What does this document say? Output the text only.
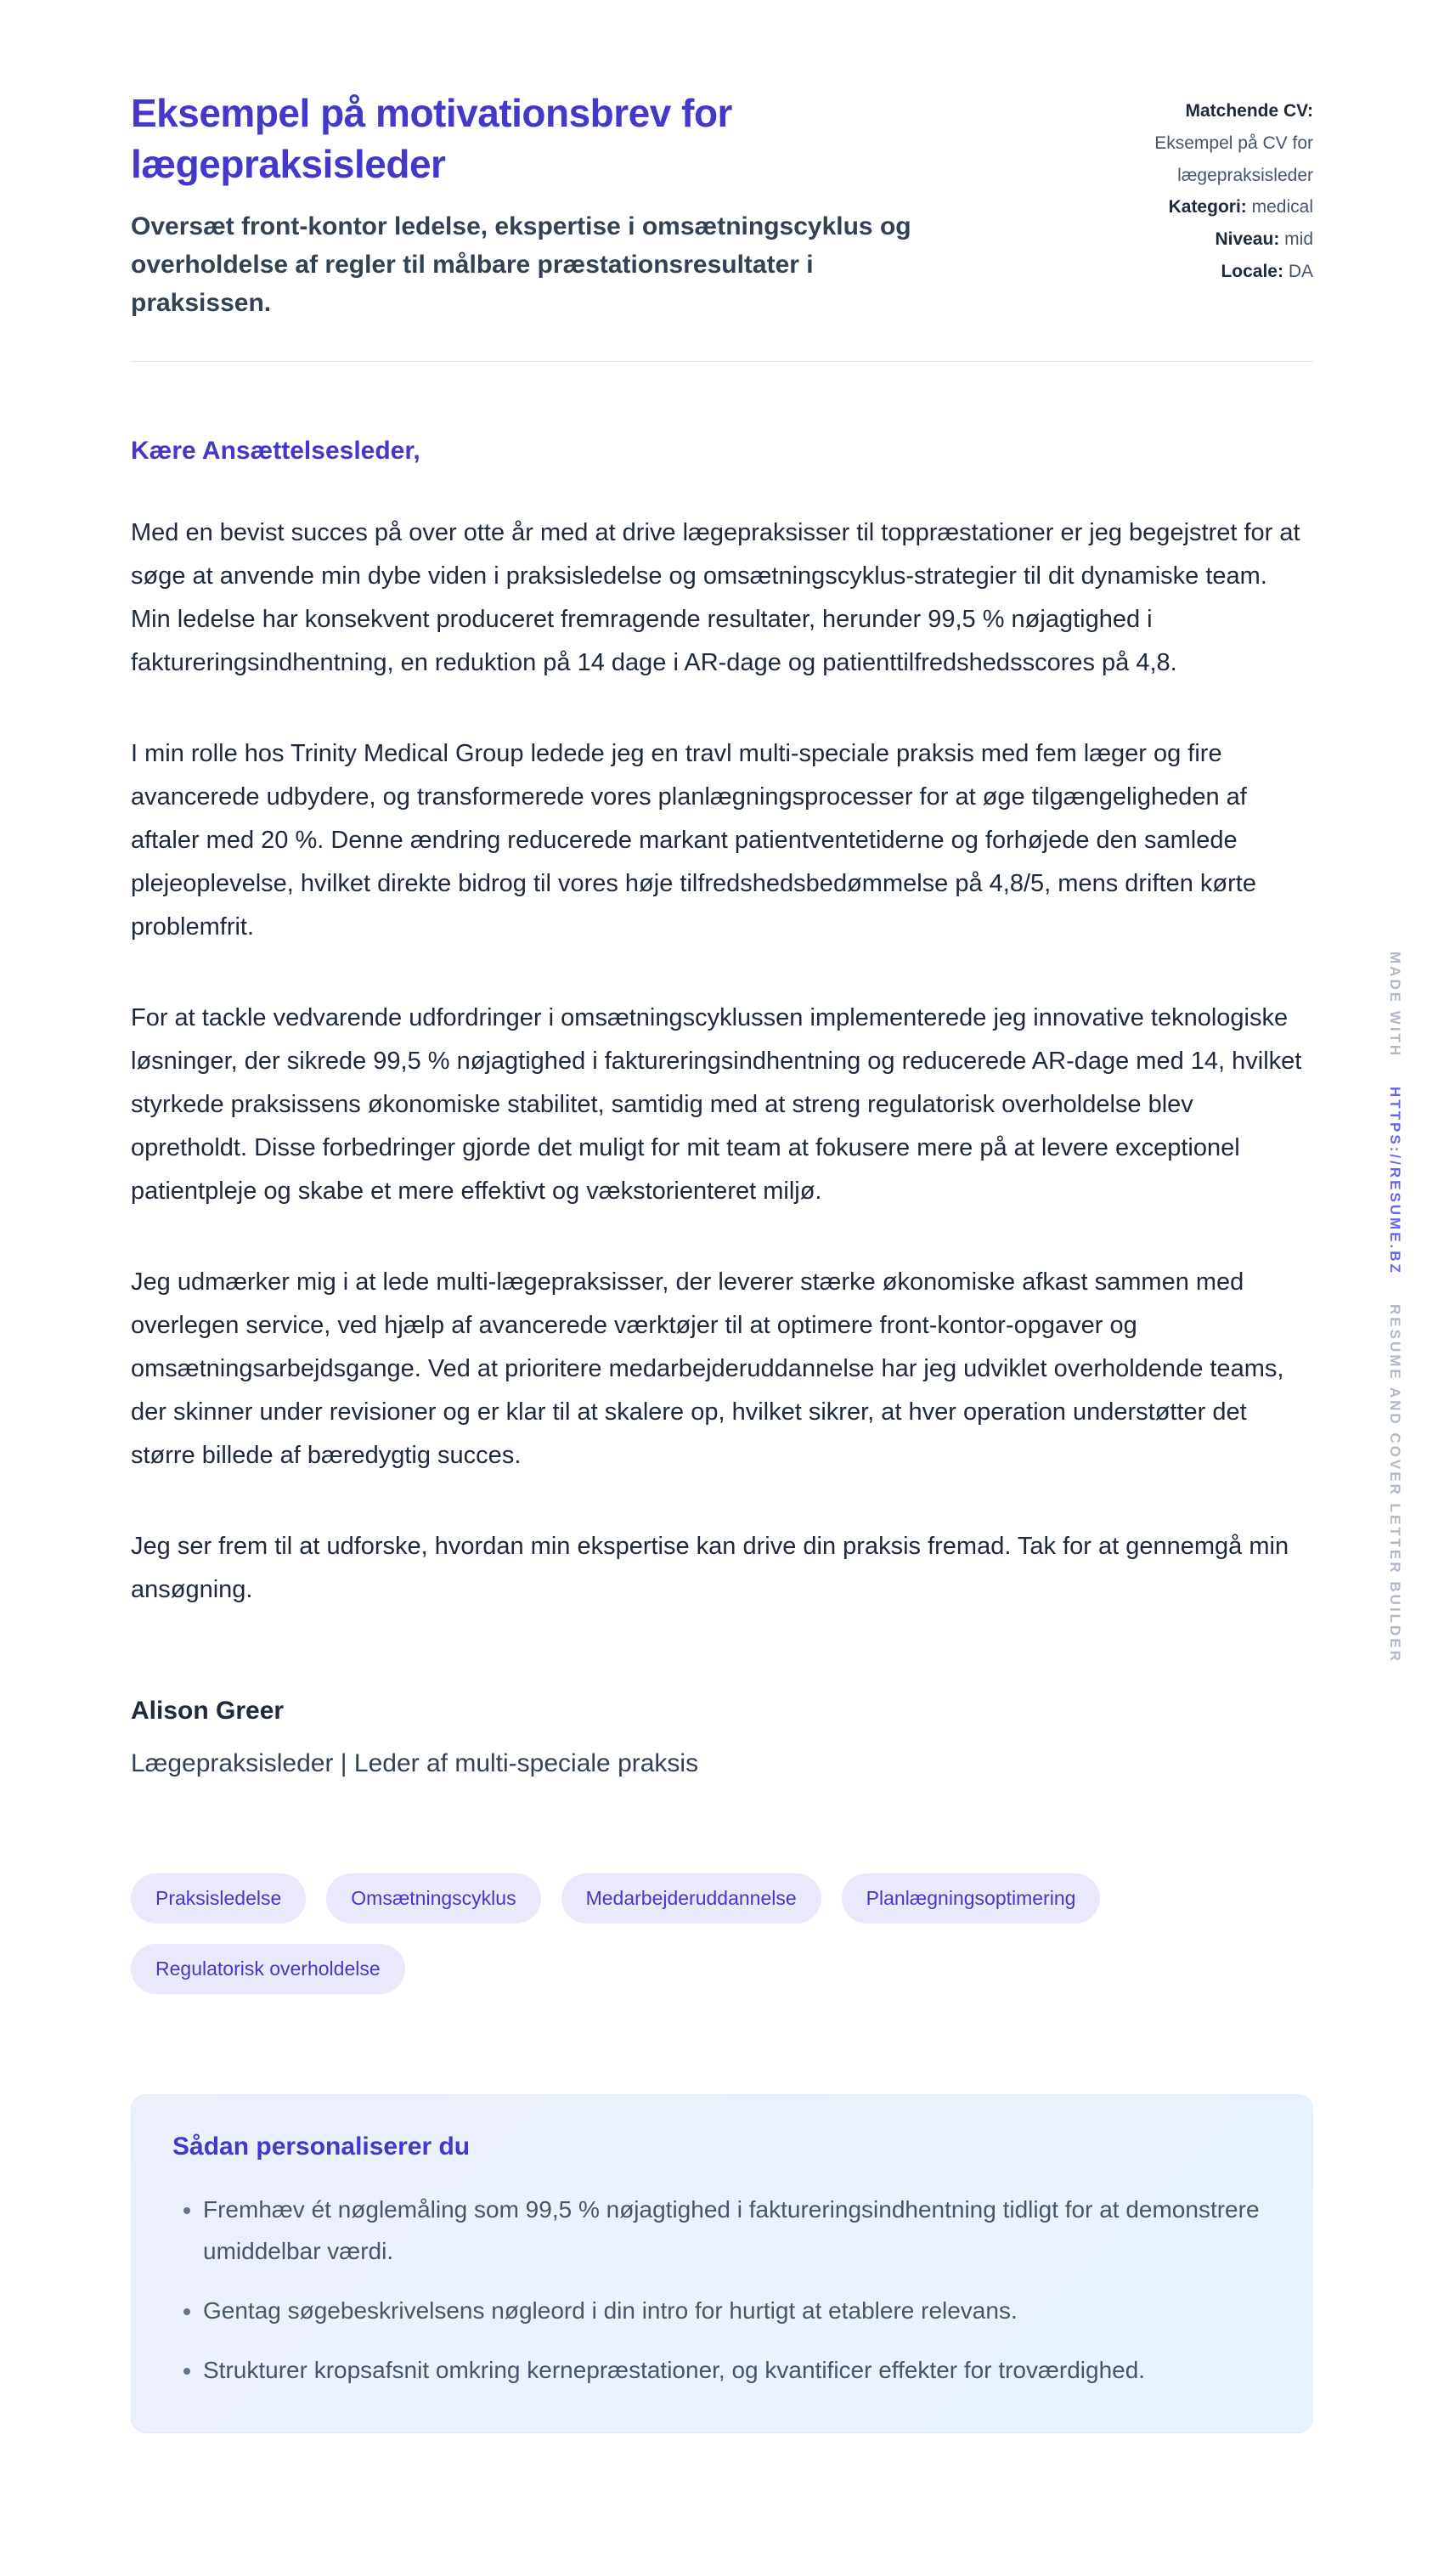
Eksempel på motivationsbrev for lægepraksisleder
Oversæt front-kontor ledelse, ekspertise i omsætningscyklus og overholdelse af regler til målbare præstationsresultater i praksissen.
Matchende CV:
Eksempel på CV for lægepraksisleder
Kategori: medical
Niveau: mid
Locale: DA
Kære Ansættelsesleder,

Med en bevist succes på over otte år med at drive lægepraksisser til toppræstationer er jeg begejstret for at søge at anvende min dybe viden i praksisledelse og omsætningscyklus-strategier til dit dynamiske team. Min ledelse har konsekvent produceret fremragende resultater, herunder 99,5 % nøjagtighed i faktureringsindhentning, en reduktion på 14 dage i AR-dage og patienttilfredshedsscores på 4,8.

I min rolle hos Trinity Medical Group ledede jeg en travl multi-speciale praksis med fem læger og fire avancerede udbydere, og transformerede vores planlægningsprocesser for at øge tilgængeligheden af aftaler med 20 %. Denne ændring reducerede markant patientventetiderne og forhøjede den samlede plejeoplevelse, hvilket direkte bidrog til vores høje tilfredshedsbedømmelse på 4,8/5, mens driften kørte problemfrit.

For at tackle vedvarende udfordringer i omsætningscyklussen implementerede jeg innovative teknologiske løsninger, der sikrede 99,5 % nøjagtighed i faktureringsindhentning og reducerede AR-dage med 14, hvilket styrkede praksissens økonomiske stabilitet, samtidig med at streng regulatorisk overholdelse blev opretholdt. Disse forbedringer gjorde det muligt for mit team at fokusere mere på at levere exceptionel patientpleje og skabe et mere effektivt og vækstorienteret miljø.

Jeg udmærker mig i at lede multi-lægepraksisser, der leverer stærke økonomiske afkast sammen med overlegen service, ved hjælp af avancerede værktøjer til at optimere front-kontor-opgaver og omsætningsarbejdsgange. Ved at prioritere medarbejderuddannelse har jeg udviklet overholdende teams, der skinner under revisioner og er klar til at skalere op, hvilket sikrer, at hver operation understøtter det større billede af bæredygtig succes.

Jeg ser frem til at udforske, hvordan min ekspertise kan drive din praksis fremad. Tak for at gennemgå min ansøgning.

Alison Greer
Lægepraksisleder | Leder af multi-speciale praksis
Praksisledelse	Omsætningscyklus	Medarbejderuddannelse	Planlægningsoptimering
Regulatorisk overholdelse
Sådan personaliserer du
• Fremhæv ét nøglemåling som 99,5 % nøjagtighed i faktureringsindhentning tidligt for at demonstrere umiddelbar værdi.
• Gentag søgebeskrivelsens nøgleord i din intro for hurtigt at etablere relevans.
• Strukturer kropsafsnit omkring kernepræstationer, og kvantificer effekter for troværdighed.
MADE WITH
HTTPS://RESUME.BZ
RESUME AND COVER LETTER BUILDER
